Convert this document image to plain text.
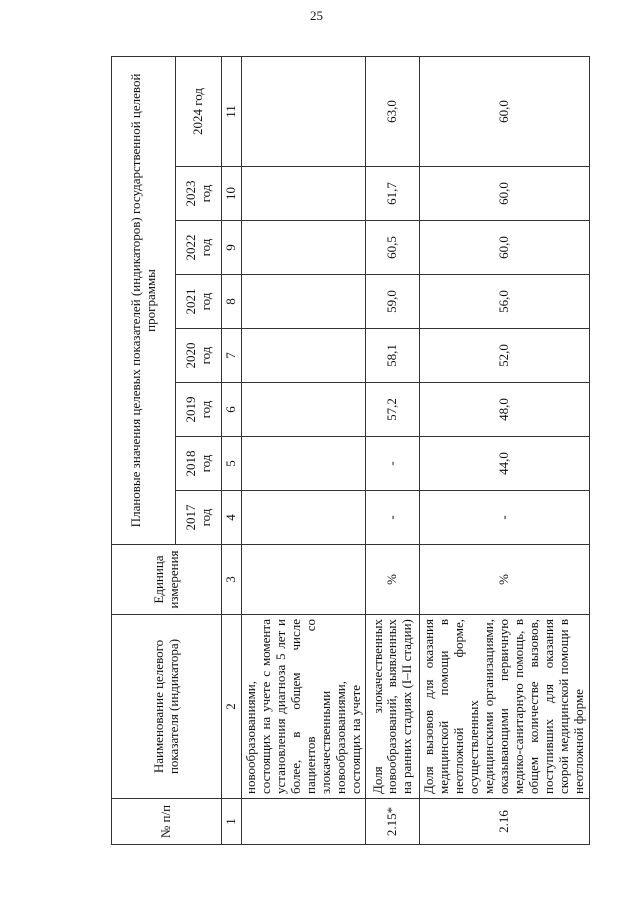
25
№ п/п	Наименование целевого показателя (индикатора)	Единица измерения	Плановые значения целевых показателей (индикаторов) государственной целевой программы							
			2017 год	2018 год	2019 год	2020 год	2021 год	2022 год	2023 год	2024 год
1	2	3	4	5	6	7	8	9	10	11
	новообразованиями, состоящих на учете с момента установления диагноза 5 лет и более, в общем числе пациентов со злокачественными новообразованиями, состоящих на учете									
2.15*	Доля злокачественных новообразований, выявленных на ранних стадиях (I–II стадии)	%	-	-	57,2	58,1	59,0	60,5	61,7	63,0
2.16	Доля вызовов для оказания медицинской помощи в неотложной форме, осуществленных медицинскими организациями, оказывающими первичную медико-санитарную помощь, в общем количестве вызовов, поступивших для оказания скорой медицинской помощи в неотложной форме	%	-	44,0	48,0	52,0	56,0	60,0	60,0	60,0
